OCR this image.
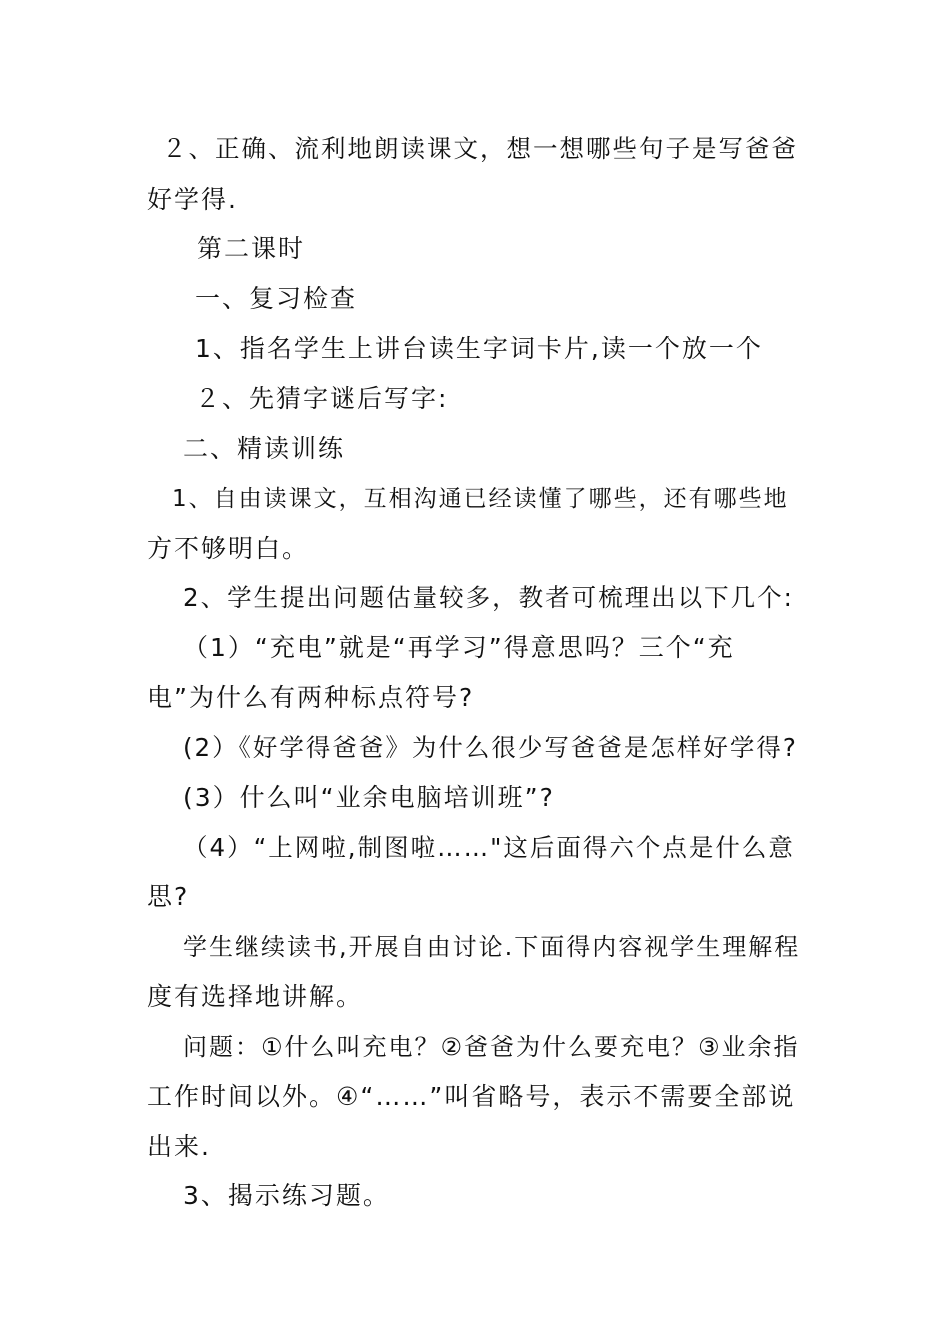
２、正确、流利地朗读课文，想一想哪些句子是写爸爸
好学得.
第二课时
一、复习检查
1、指名学生上讲台读生字词卡片,读一个放一个
２、先猜字谜后写字:
二、精读训练
1、自由读课文，互相沟通已经读懂了哪些，还有哪些地
方不够明白。
2、学生提出问题估量较多，教者可梳理出以下几个:
（1）“充电”就是“再学习”得意思吗？三个“充
电”为什么有两种标点符号?
(2）《好学得爸爸》为什么很少写爸爸是怎样好学得?
(3）什么叫“业余电脑培训班”?
（4）“上网啦,制图啦……"这后面得六个点是什么意
思?
学生继续读书,开展自由讨论.下面得内容视学生理解程
度有选择地讲解。
问题：①什么叫充电？②爸爸为什么要充电？③业余指
工作时间以外。④“……”叫省略号，表示不需要全部说
出来.
3、揭示练习题。
